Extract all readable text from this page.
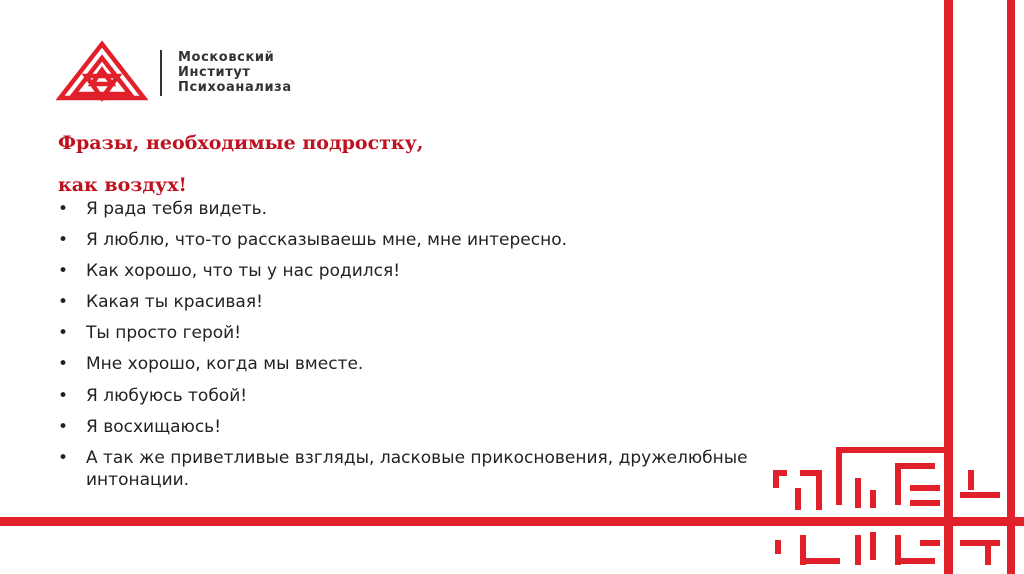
Московский
Институт
Психоанализа
Фразы, необходимые подростку,
как воздух!
•	Я рада тебя видеть.
•	Я люблю, что-то рассказываешь мне, мне интересно.
•	Как хорошо, что ты у нас родился!
•	Какая ты красивая!
•	Ты просто герой!
•	Мне хорошо, когда мы вместе.
•	Я любуюсь тобой!
•	Я восхищаюсь!
•	А так же приветливые взгляды, ласковые прикосновения, дружелюбные интонации.
